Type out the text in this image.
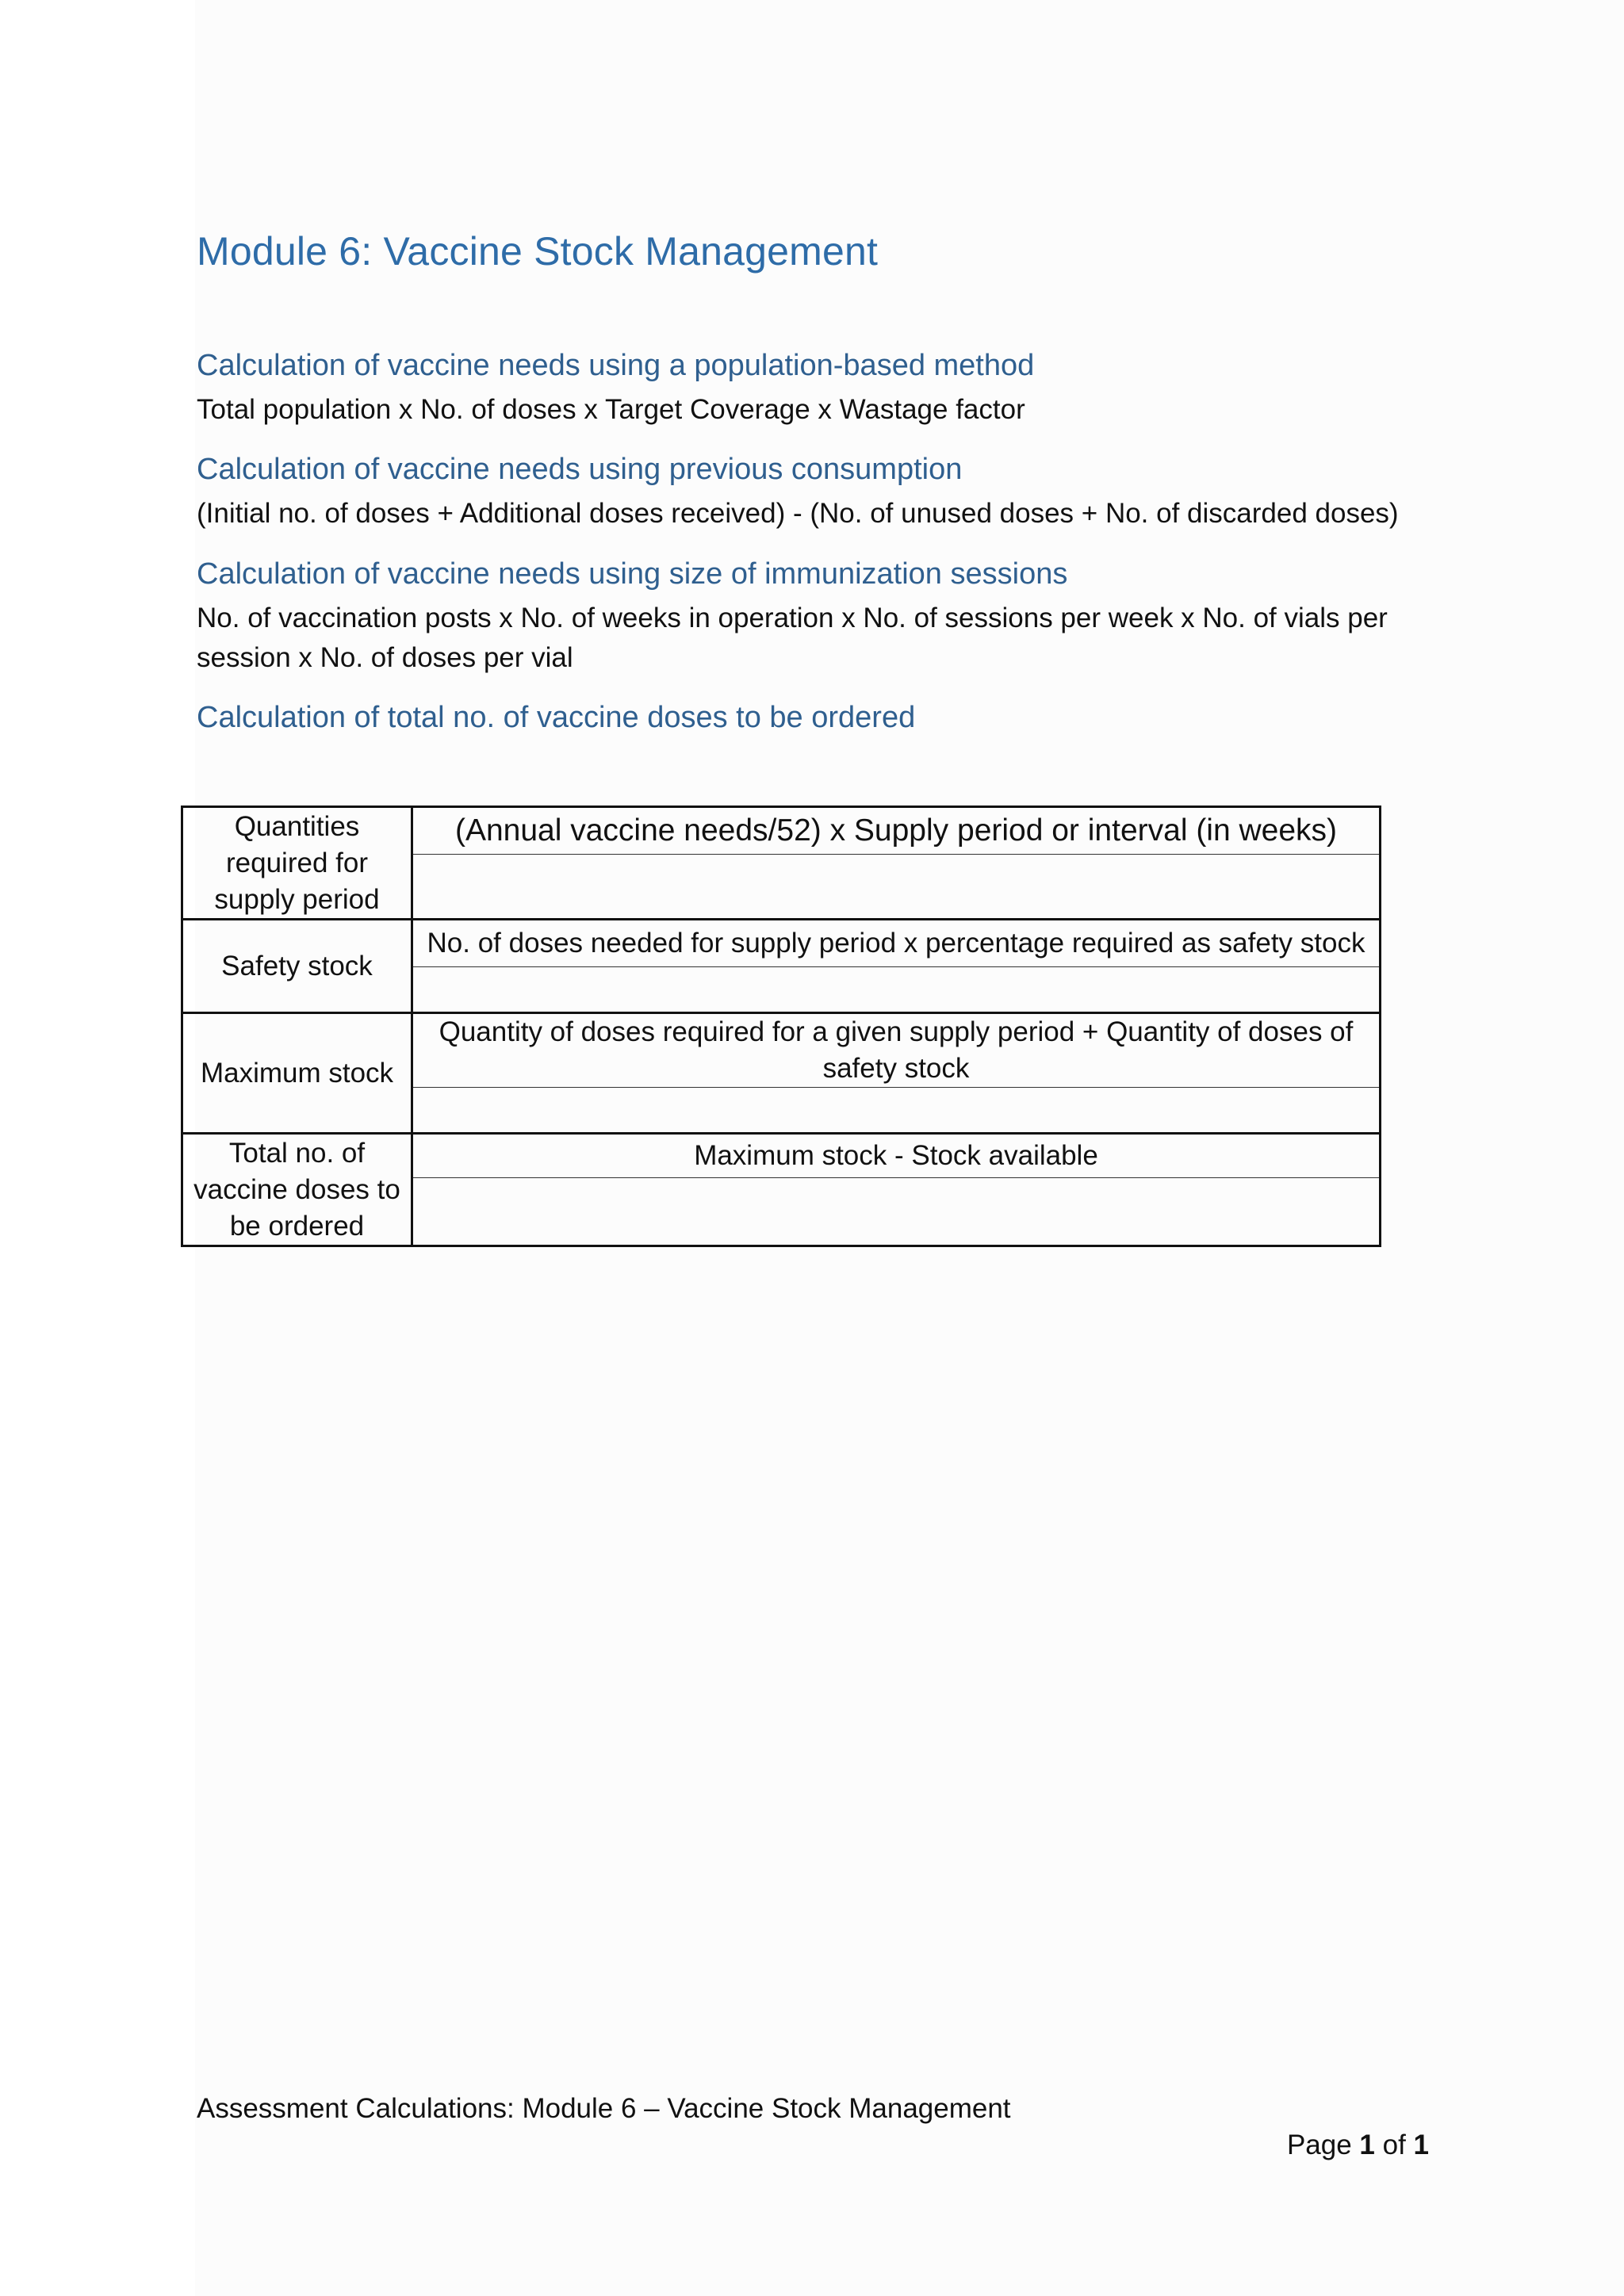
Module 6: Vaccine Stock Management
Calculation of vaccine needs using a population-based method
Total population x No. of doses x Target Coverage x Wastage factor
Calculation of vaccine needs using previous consumption
(Initial no. of doses + Additional doses received) - (No. of unused doses + No. of discarded doses)
Calculation of vaccine needs using size of immunization sessions
No. of vaccination posts x No. of weeks in operation x No. of sessions per week x No. of vials per session x No. of doses per vial
Calculation of total no. of vaccine doses to be ordered
Quantities required for supply period	(Annual vaccine needs/52) x Supply period or interval (in weeks)

Safety stock	No. of doses needed for supply period x percentage required as safety stock

Maximum stock	Quantity of doses required for a given supply period + Quantity of doses of safety stock

Total no. of vaccine doses to be ordered	Maximum stock - Stock available

Assessment Calculations: Module 6 – Vaccine Stock Management
Page 1 of 1
